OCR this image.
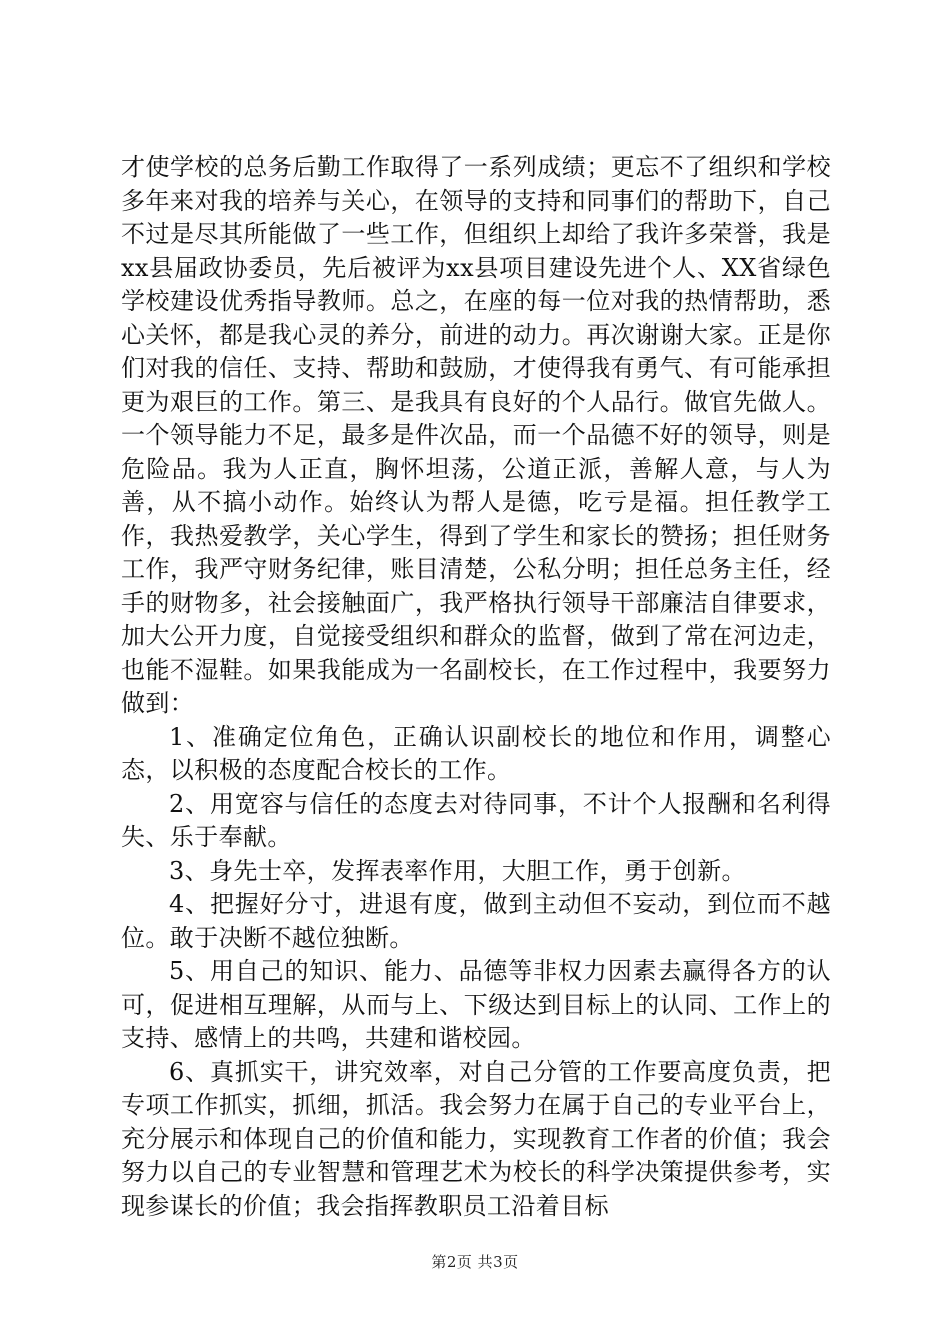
才使学校的总务后勤工作取得了一系列成绩；更忘不了组织和学校多年来对我的培养与关心，在领导的支持和同事们的帮助下，自己不过是尽其所能做了一些工作，但组织上却给了我许多荣誉，我是xx县届政协委员，先后被评为xx县项目建设先进个人、XX省绿色学校建设优秀指导教师。总之，在座的每一位对我的热情帮助，悉心关怀，都是我心灵的养分，前进的动力。再次谢谢大家。正是你们对我的信任、支持、帮助和鼓励，才使得我有勇气、有可能承担更为艰巨的工作。第三、是我具有良好的个人品行。做官先做人。一个领导能力不足，最多是件次品，而一个品德不好的领导，则是危险品。我为人正直，胸怀坦荡，公道正派，善解人意，与人为善，从不搞小动作。始终认为帮人是德，吃亏是福。担任教学工作，我热爱教学，关心学生，得到了学生和家长的赞扬；担任财务工作，我严守财务纪律，账目清楚，公私分明；担任总务主任，经手的财物多，社会接触面广，我严格执行领导干部廉洁自律要求，加大公开力度，自觉接受组织和群众的监督，做到了常在河边走，也能不湿鞋。如果我能成为一名副校长，在工作过程中，我要努力做到：

1、准确定位角色，正确认识副校长的地位和作用，调整心态，以积极的态度配合校长的工作。

2、用宽容与信任的态度去对待同事，不计个人报酬和名利得失、乐于奉献。

3、身先士卒，发挥表率作用，大胆工作，勇于创新。

4、把握好分寸，进退有度，做到主动但不妄动，到位而不越位。敢于决断不越位独断。

5、用自己的知识、能力、品德等非权力因素去赢得各方的认可，促进相互理解，从而与上、下级达到目标上的认同、工作上的支持、感情上的共鸣，共建和谐校园。

6、真抓实干，讲究效率，对自己分管的工作要高度负责，把专项工作抓实，抓细，抓活。我会努力在属于自己的专业平台上，充分展示和体现自己的价值和能力，实现教育工作者的价值；我会努力以自己的专业智慧和管理艺术为校长的科学决策提供参考，实现参谋长的价值；我会指挥教职员工沿着目标

第2页 共3页
